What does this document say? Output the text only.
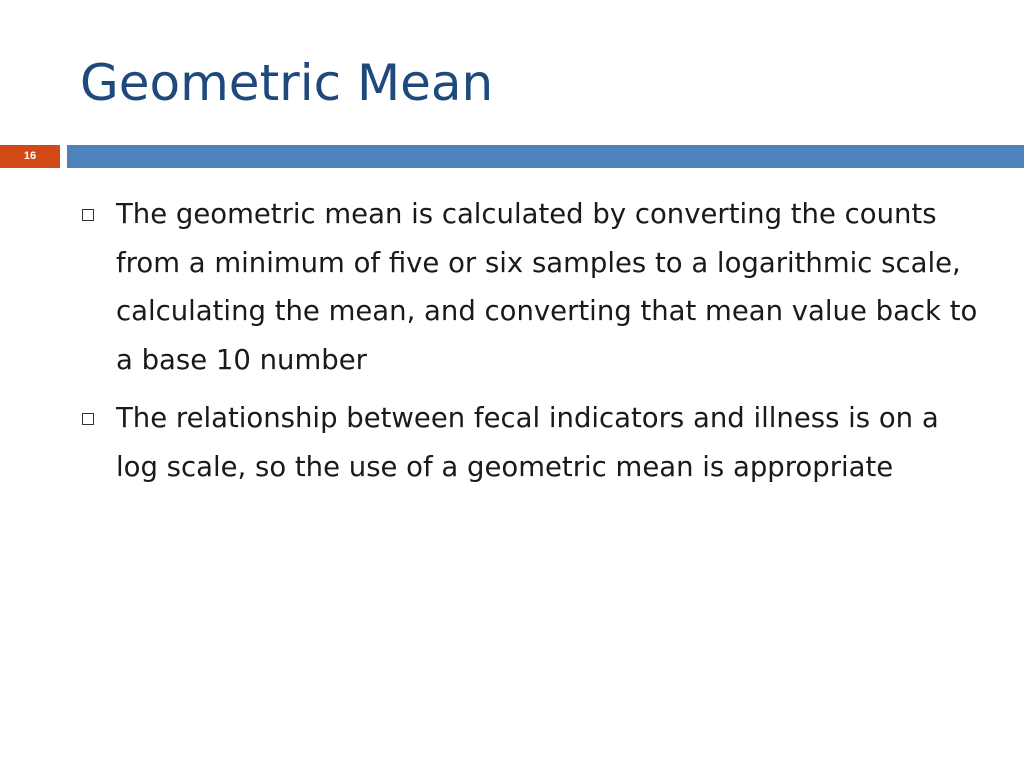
Geometric Mean
16
The geometric mean is calculated by converting the counts from a minimum of five or six samples to a logarithmic scale, calculating the mean, and converting that mean value back to a base 10 number
The relationship between fecal indicators and illness is on a log scale, so the use of a geometric mean is appropriate
